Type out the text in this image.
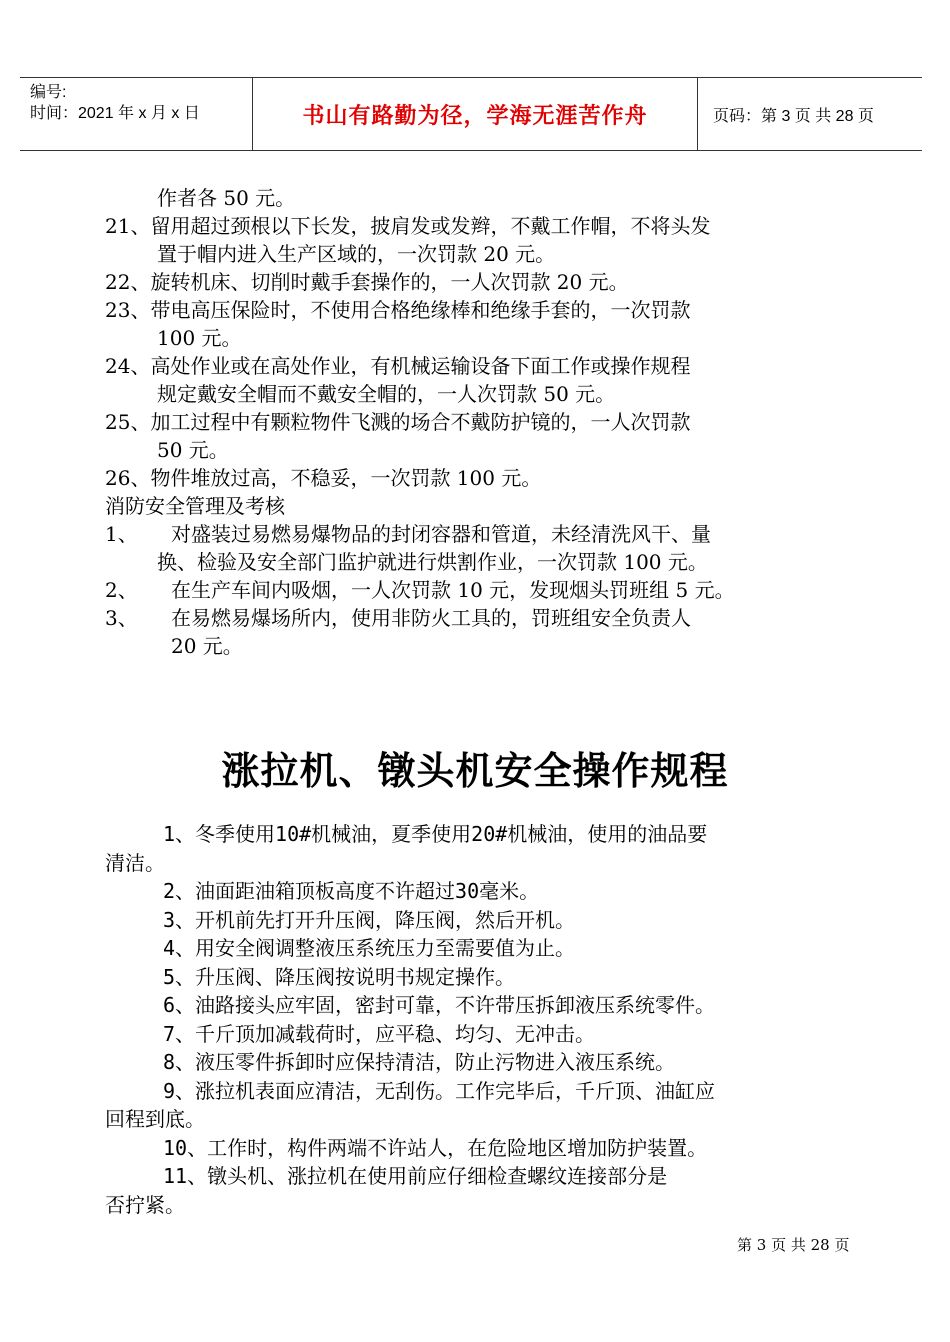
编号:
时间：2021 年 x 月 x 日	书山有路勤为径，学海无涯苦作舟	页码：第 3 页 共 28 页
作者各 50 元。
21、留用超过颈根以下长发，披肩发或发辫，不戴工作帽，不将头发
置于帽内进入生产区域的，一次罚款 20 元。
22、旋转机床、切削时戴手套操作的，一人次罚款 20 元。
23、带电高压保险时，不使用合格绝缘棒和绝缘手套的，一次罚款
100 元。
24、高处作业或在高处作业，有机械运输设备下面工作或操作规程
规定戴安全帽而不戴安全帽的，一人次罚款 50 元。
25、加工过程中有颗粒物件飞溅的场合不戴防护镜的，一人次罚款
50 元。
26、物件堆放过高，不稳妥，一次罚款 100 元。
消防安全管理及考核
1、 对盛装过易燃易爆物品的封闭容器和管道，未经清洗风干、量
换、检验及安全部门监护就进行烘割作业，一次罚款 100 元。
2、 在生产车间内吸烟，一人次罚款 10 元，发现烟头罚班组 5 元。
3、 在易燃易爆场所内，使用非防火工具的，罚班组安全负责人
20 元。
涨拉机、镦头机安全操作规程
1、冬季使用10#机械油，夏季使用20#机械油，使用的油品要
清洁。
2、油面距油箱顶板高度不许超过30毫米。
3、开机前先打开升压阀，降压阀，然后开机。
4、用安全阀调整液压系统压力至需要值为止。
5、升压阀、降压阀按说明书规定操作。
6、油路接头应牢固，密封可靠，不许带压拆卸液压系统零件。
7、千斤顶加减载荷时，应平稳、均匀、无冲击。
8、液压零件拆卸时应保持清洁，防止污物进入液压系统。
9、涨拉机表面应清洁，无刮伤。工作完毕后，千斤顶、油缸应
回程到底。
10、工作时，构件两端不许站人，在危险地区增加防护装置。
11、镦头机、涨拉机在使用前应仔细检查螺纹连接部分是
否拧紧。
第 3 页 共 28 页
